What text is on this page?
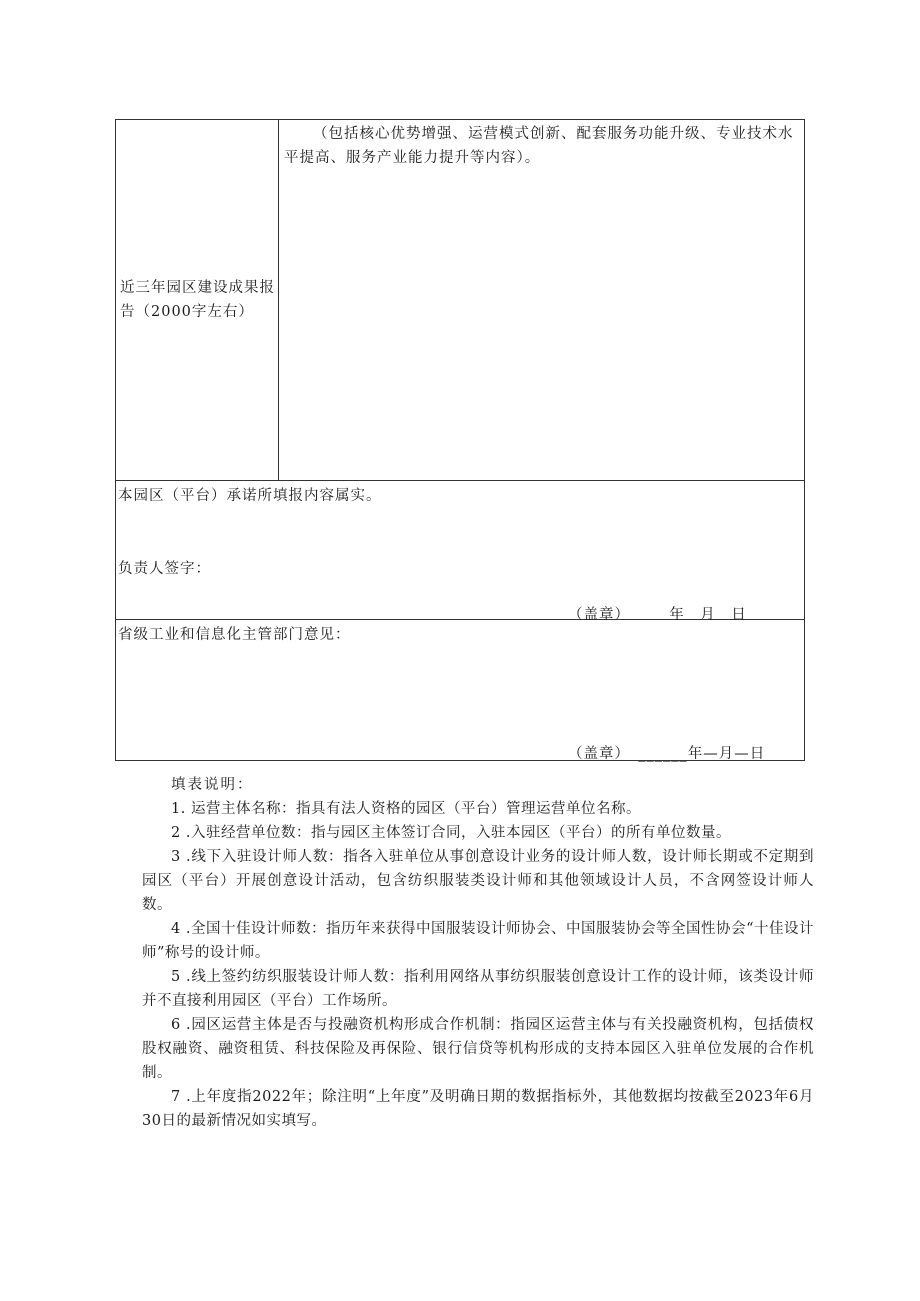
近三年园区建设成果报告（2000字左右）
（包括核心优势增强、运营模式创新、配套服务功能升级、专业技术水平提高、服务产业能力提升等内容）。
本园区（平台）承诺所填报内容属实。
负责人签字：
（盖章）　　　年　月　日
省级工业和信息化主管部门意见：
（盖章）　______年—月—日

填表说明：

1. 运营主体名称：指具有法人资格的园区（平台）管理运营单位名称。

2 .入驻经营单位数：指与园区主体签订合同，入驻本园区（平台）的所有单位数量。

3 .线下入驻设计师人数：指各入驻单位从事创意设计业务的设计师人数，设计师长期或不定期到园区（平台）开展创意设计活动，包含纺织服装类设计师和其他领域设计人员，不含网签设计师人数。

4 .全国十佳设计师数：指历年来获得中国服装设计师协会、中国服装协会等全国性协会“十佳设计师”称号的设计师。

5 .线上签约纺织服装设计师人数：指利用网络从事纺织服装创意设计工作的设计师，该类设计师并不直接利用园区（平台）工作场所。

6 .园区运营主体是否与投融资机构形成合作机制：指园区运营主体与有关投融资机构，包括债权股权融资、融资租赁、科技保险及再保险、银行信贷等机构形成的支持本园区入驻单位发展的合作机制。

7 .上年度指2022年；除注明“上年度”及明确日期的数据指标外，其他数据均按截至2023年6月30日的最新情况如实填写。
